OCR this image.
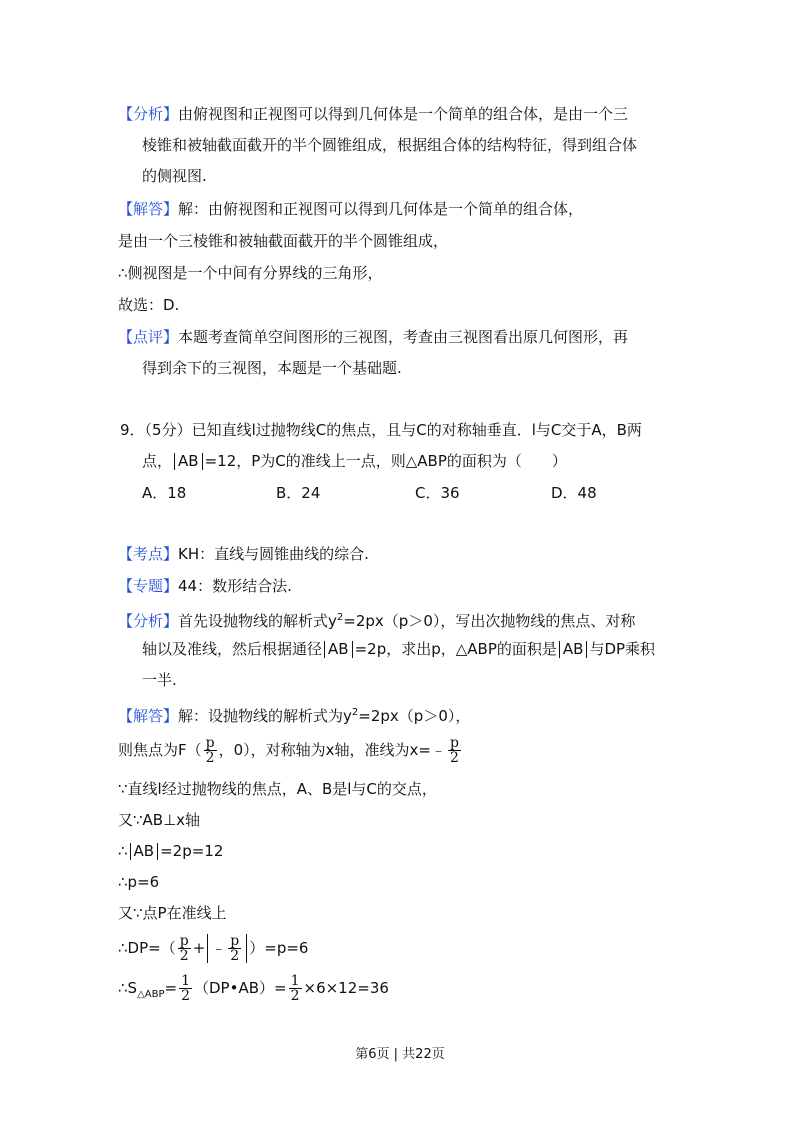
【分析】由俯视图和正视图可以得到几何体是一个简单的组合体，是由一个三
棱锥和被轴截面截开的半个圆锥组成，根据组合体的结构特征，得到组合体
的侧视图.
【解答】解：由俯视图和正视图可以得到几何体是一个简单的组合体，
是由一个三棱锥和被轴截面截开的半个圆锥组成，
∴侧视图是一个中间有分界线的三角形，
故选：D.
【点评】本题考查简单空间图形的三视图，考查由三视图看出原几何图形，再
得到余下的三视图，本题是一个基础题.
9．（5分）已知直线l过抛物线C的焦点，且与C的对称轴垂直．l与C交于A，B两
点， AB =12，P为C的准线上一点，则△ABP的面积为（　　）
A．18	B．24	C．36	D．48
【考点】KH：直线与圆锥曲线的综合.
【专题】44：数形结合法.
【分析】首先设抛物线的解析式$y^2=2px(p>0)$，写出次抛物线的焦点、对称
轴以及准线，然后根据通径 AB =2p，求出p，△ABP的面积是 AB 与DP乘积
一半.
【解答】解：设抛物线的解析式为$y^2=2px(p>0)$，
则焦点为$F( \frac{p}{2}$ ，0），对称轴为x轴，准线为x=﹣ $\frac{p}{2}$
∵直线l经过抛物线的焦点，A、B是l与C的交点，
又∵AB⊥x轴
∴ AB =2p=12
∴p=6
又∵点P在准线上
∴DP=（ $\frac{p}{2}$ + ﹣ $\frac{p}{2} )=p=6$
$\therefore S_{\triangle ABP}= \frac{1}{2}$ （DP•AB）= $\frac{1}{2} \times 6\times 12=36$
第6页 | 共22页
